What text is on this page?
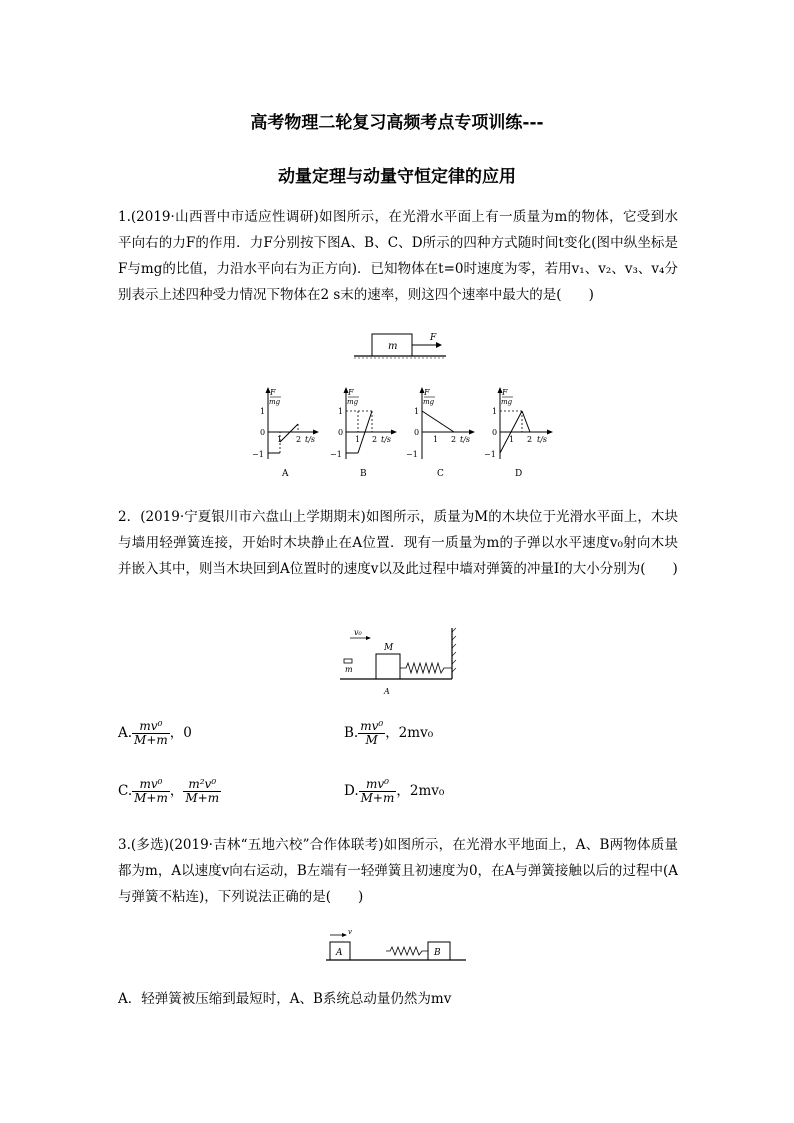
高考物理二轮复习高频考点专项训练---
动量定理与动量守恒定律的应用
1.(2019·山西晋中市适应性调研)如图所示，在光滑水平面上有一质量为m的物体，它受到水平向右的力F的作用．力F分别按下图A、B、C、D所示的四种方式随时间t变化(图中纵坐标是F与mg的比值，力沿水平向右为正方向)．已知物体在t=0时速度为零，若用v₁、v₂、v₃、v₄分别表示上述四种受力情况下物体在2 s末的速率，则这四个速率中最大的是(　　)
m
F
F
mg
1
0
−1
1 2 t/s
A
F
mg
1
0
−1
1 2 t/s
B
F
mg
1
0
−1
1 2 t/s
C
F
mg
1
0
−1
1 2 t/s
D
2．(2019·宁夏银川市六盘山上学期期末)如图所示，质量为M的木块位于光滑水平面上，木块与墙用轻弹簧连接，开始时木块静止在A位置．现有一质量为m的子弹以水平速度v₀射向木块并嵌入其中，则当木块回到A位置时的速度v以及此过程中墙对弹簧的冲量I的大小分别为(　　)
v₀
M
m
A
A. $\frac{\text{mv⁰}}{M+m}$ ，0	B. $\frac{\text{mv⁰}}{M}$ ，2mv₀
C. $\frac{\text{mv⁰}}{M+m}$ ， $\frac{\text{m²v⁰}}{M+m}$	D. $\frac{\text{mv⁰}}{M+m}$ ，2mv₀
3.(多选)(2019·吉林“五地六校”合作体联考)如图所示，在光滑水平地面上，A、B两物体质量都为m，A以速度v向右运动，B左端有一轻弹簧且初速度为0，在A与弹簧接触以后的过程中(A与弹簧不粘连)，下列说法正确的是(　　)
v
A	B
A．轻弹簧被压缩到最短时，A、B系统总动量仍然为mv
